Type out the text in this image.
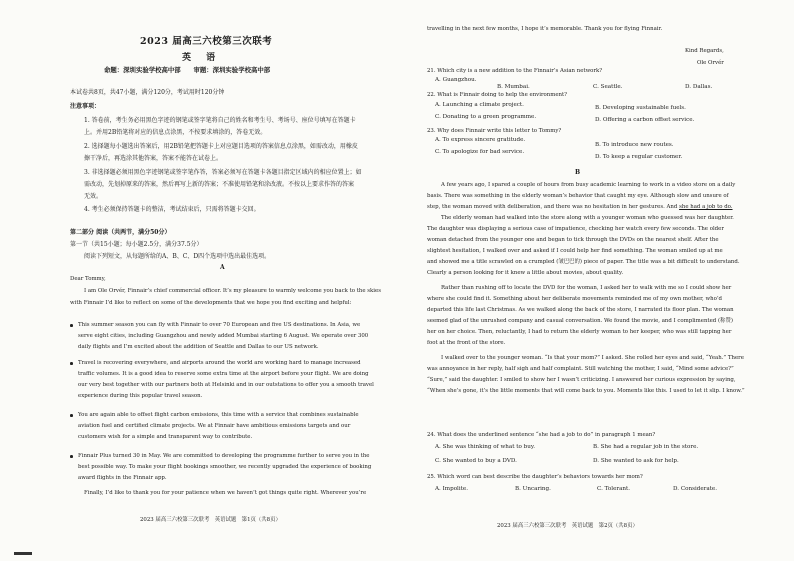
2023 届高三六校第三次联考
英 语
命题：深圳实验学校高中部　　审题：深圳实验学校高中部
本试卷共8页，共47小题，满分120分，考试用时120分钟
注意事项：
1. 答卷前，考生务必用黑色字迹的钢笔或签字笔将自己的姓名和考生号、考场号、座位号填写在答题卡
上。并用2B铅笔将对应的信息点涂黑，不按要求填涂的，答卷无效。
2. 选择题每小题选出答案后，用2B铅笔把答题卡上对应题目选项的答案信息点涂黑，如需改动，用橡皮
擦干净后，再选涂其他答案，答案不能答在试卷上。
3. 非选择题必须用黑色字迹钢笔或签字笔作答，答案必须写在答题卡各题目指定区域内的相应位置上；如
需改动，先划掉原来的答案，然后再写上新的答案；不准使用铅笔和涂改液。不按以上要求作答的答案
无效。
4. 考生必须保持答题卡的整洁，考试结束后，只需将答题卡交回。
第二部分 阅读（共两节，满分50分）
第一节（共15小题；每小题2.5分，满分37.5分）
阅读下列短文，从每题所给的A、B、C、D四个选项中选出最佳选项。
A
Dear Tommy,
I am Ole Orvér, Finnair’s chief commercial officer. It’s my pleasure to warmly welcome you back to the skies
with Finnair I’d like to reflect on some of the developments that we hope you find exciting and helpful:
This summer season you can fly with Finnair to over 70 European and five US destinations. In Asia, we
serve eight cities, including Guangzhou and newly added Mumbai starting 6 August. We operate over 300
daily flights and I’m excited about the addition of Seattle and Dallas to our US network.
Travel is recovering everywhere, and airports around the world are working hard to manage increased
traffic volumes. It is a good idea to reserve some extra time at the airport before your flight. We are doing
our very best together with our partners both at Helsinki and in our outstations to offer you a smooth travel
experience during this popular travel season.
You are again able to offset flight carbon emissions, this time with a service that combines sustainable
aviation fuel and certified climate projects. We at Finnair have ambitious emissions targets and our
customers wish for a simple and transparent way to contribute.
Finnair Plus turned 30 in May. We are committed to developing the programme further to serve you in the
best possible way. To make your flight bookings smoother, we recently upgraded the experience of booking
award flights in the Finnair app.
Finally, I’d like to thank you for your patience when we haven’t got things quite right. Wherever you’re
2023 届高三六校第三次联考　英语试题　第1页（共8页）
travelling in the next few months, I hope it’s memorable. Thank you for flying Finnair.
Kind Regards,
Ole Orvér
21. Which city is a new addition to the Finnair’s Asian network?
A. Guangzhou.
B. Mumbai.	C. Seattle.	D. Dallas.
22. What is Finnair doing to help the environment?
A. Launching a climate project.	B. Developing sustainable fuels.
C. Donating to a green programme.	D. Offering a carbon offset service.
23. Why does Finnair write this letter to Tommy?
A. To express sincere gratitude.
B. To introduce new routes.
C. To apologize for bad service.
D. To keep a regular customer.
B
A few years ago, I spared a couple of hours from busy academic learning to work in a video store on a daily
basis. There was something in the elderly woman’s behavior that caught my eye. Although slow and unsure of
step, the woman moved with deliberation, and there was no hesitation in her gestures. And she had a job to do.
The elderly woman had walked into the store along with a younger woman who guessed was her daughter.
The daughter was displaying a serious case of impatience, checking her watch every few seconds. The older
woman detached from the younger one and began to tick through the DVDs on the nearest shelf. After the
slightest hesitation, I walked over and asked if I could help her find something. The woman smiled up at me
and showed me a title scrawled on a crumpled (皱巴巴的) piece of paper. The title was a bit difficult to understand.
Clearly a person looking for it knew a little about movies, about quality.
Rather than rushing off to locate the DVD for the woman, I asked her to walk with me so I could show her
where she could find it. Something about her deliberate movements reminded me of my own mother, who’d
departed this life last Christmas. As we walked along the back of the store, I narrated its floor plan. The woman
seemed glad of the unrushed company and casual conversation. We found the movie, and I complimented (称赞)
her on her choice. Then, reluctantly, I had to return the elderly woman to her keeper, who was still tapping her
foot at the front of the store.
I walked over to the younger woman. “Is that your mom?” I asked. She rolled her eyes and said, “Yeah.” There
was annoyance in her reply, half sigh and half complaint. Still watching the mother, I said, “Mind some advice?”
“Sure,” said the daughter. I smiled to show her I wasn’t criticizing. I answered her curious expression by saying,
“When she’s gone, it’s the little moments that will come back to you. Moments like this. I used to let it slip. I know.”
24. What does the underlined sentence “she had a job to do” in paragraph 1 mean?
A. She was thinking of what to buy.	B. She had a regular job in the store.
C. She wanted to buy a DVD.	D. She wanted to ask for help.
25. Which word can best describe the daughter’s behaviors towards her mom?
A. Impolite.	B. Uncaring.	C. Tolerant.	D. Considerate.
2023 届高三六校第三次联考　英语试题　第2页（共8页）
